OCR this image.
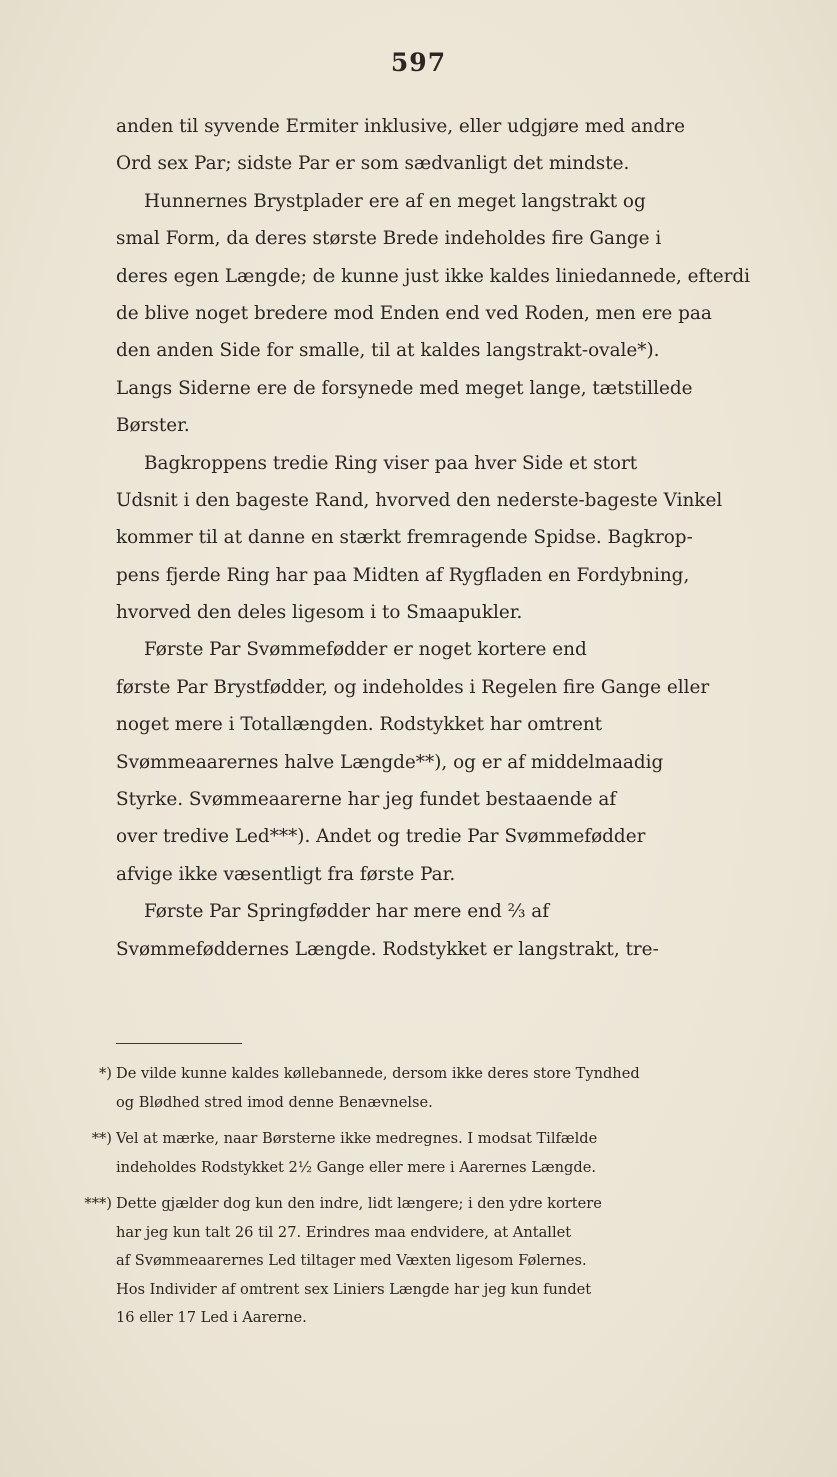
597
anden til syvende Ermiter inklusive, eller udgjøre med andre
Ord sex Par; sidste Par er som sædvanligt det mindste.
Hunnernes Brystplader ere af en meget langstrakt og
smal Form, da deres største Brede indeholdes fire Gange i
deres egen Længde; de kunne just ikke kaldes liniedannede, efterdi
de blive noget bredere mod Enden end ved Roden, men ere paa
den anden Side for smalle, til at kaldes langstrakt-ovale*).
Langs Siderne ere de forsynede med meget lange, tætstillede
Børster.
Bagkroppens tredie Ring viser paa hver Side et stort
Udsnit i den bageste Rand, hvorved den nederste-bageste Vinkel
kommer til at danne en stærkt fremragende Spidse. Bagkrop-
pens fjerde Ring har paa Midten af Rygfladen en Fordybning,
hvorved den deles ligesom i to Smaapukler.
Første Par Svømmefødder er noget kortere end
første Par Brystfødder, og indeholdes i Regelen fire Gange eller
noget mere i Totallængden. Rodstykket har omtrent
Svømmeaarernes halve Længde**), og er af middelmaadig
Styrke. Svømmeaarerne har jeg fundet bestaaende af
over tredive Led***). Andet og tredie Par Svømmefødder
afvige ikke væsentligt fra første Par.
Første Par Springfødder har mere end ⅔ af
Svømmeføddernes Længde. Rodstykket er langstrakt, tre-
*) De vilde kunne kaldes køllebannede, dersom ikke deres store Tyndhed
og Blødhed stred imod denne Benævnelse.
**) Vel at mærke, naar Børsterne ikke medregnes. I modsat Tilfælde
indeholdes Rodstykket 2½ Gange eller mere i Aarernes Længde.
***) Dette gjælder dog kun den indre, lidt længere; i den ydre kortere
har jeg kun talt 26 til 27. Erindres maa endvidere, at Antallet
af Svømmeaarernes Led tiltager med Væxten ligesom Følernes.
Hos Individer af omtrent sex Liniers Længde har jeg kun fundet
16 eller 17 Led i Aarerne.
